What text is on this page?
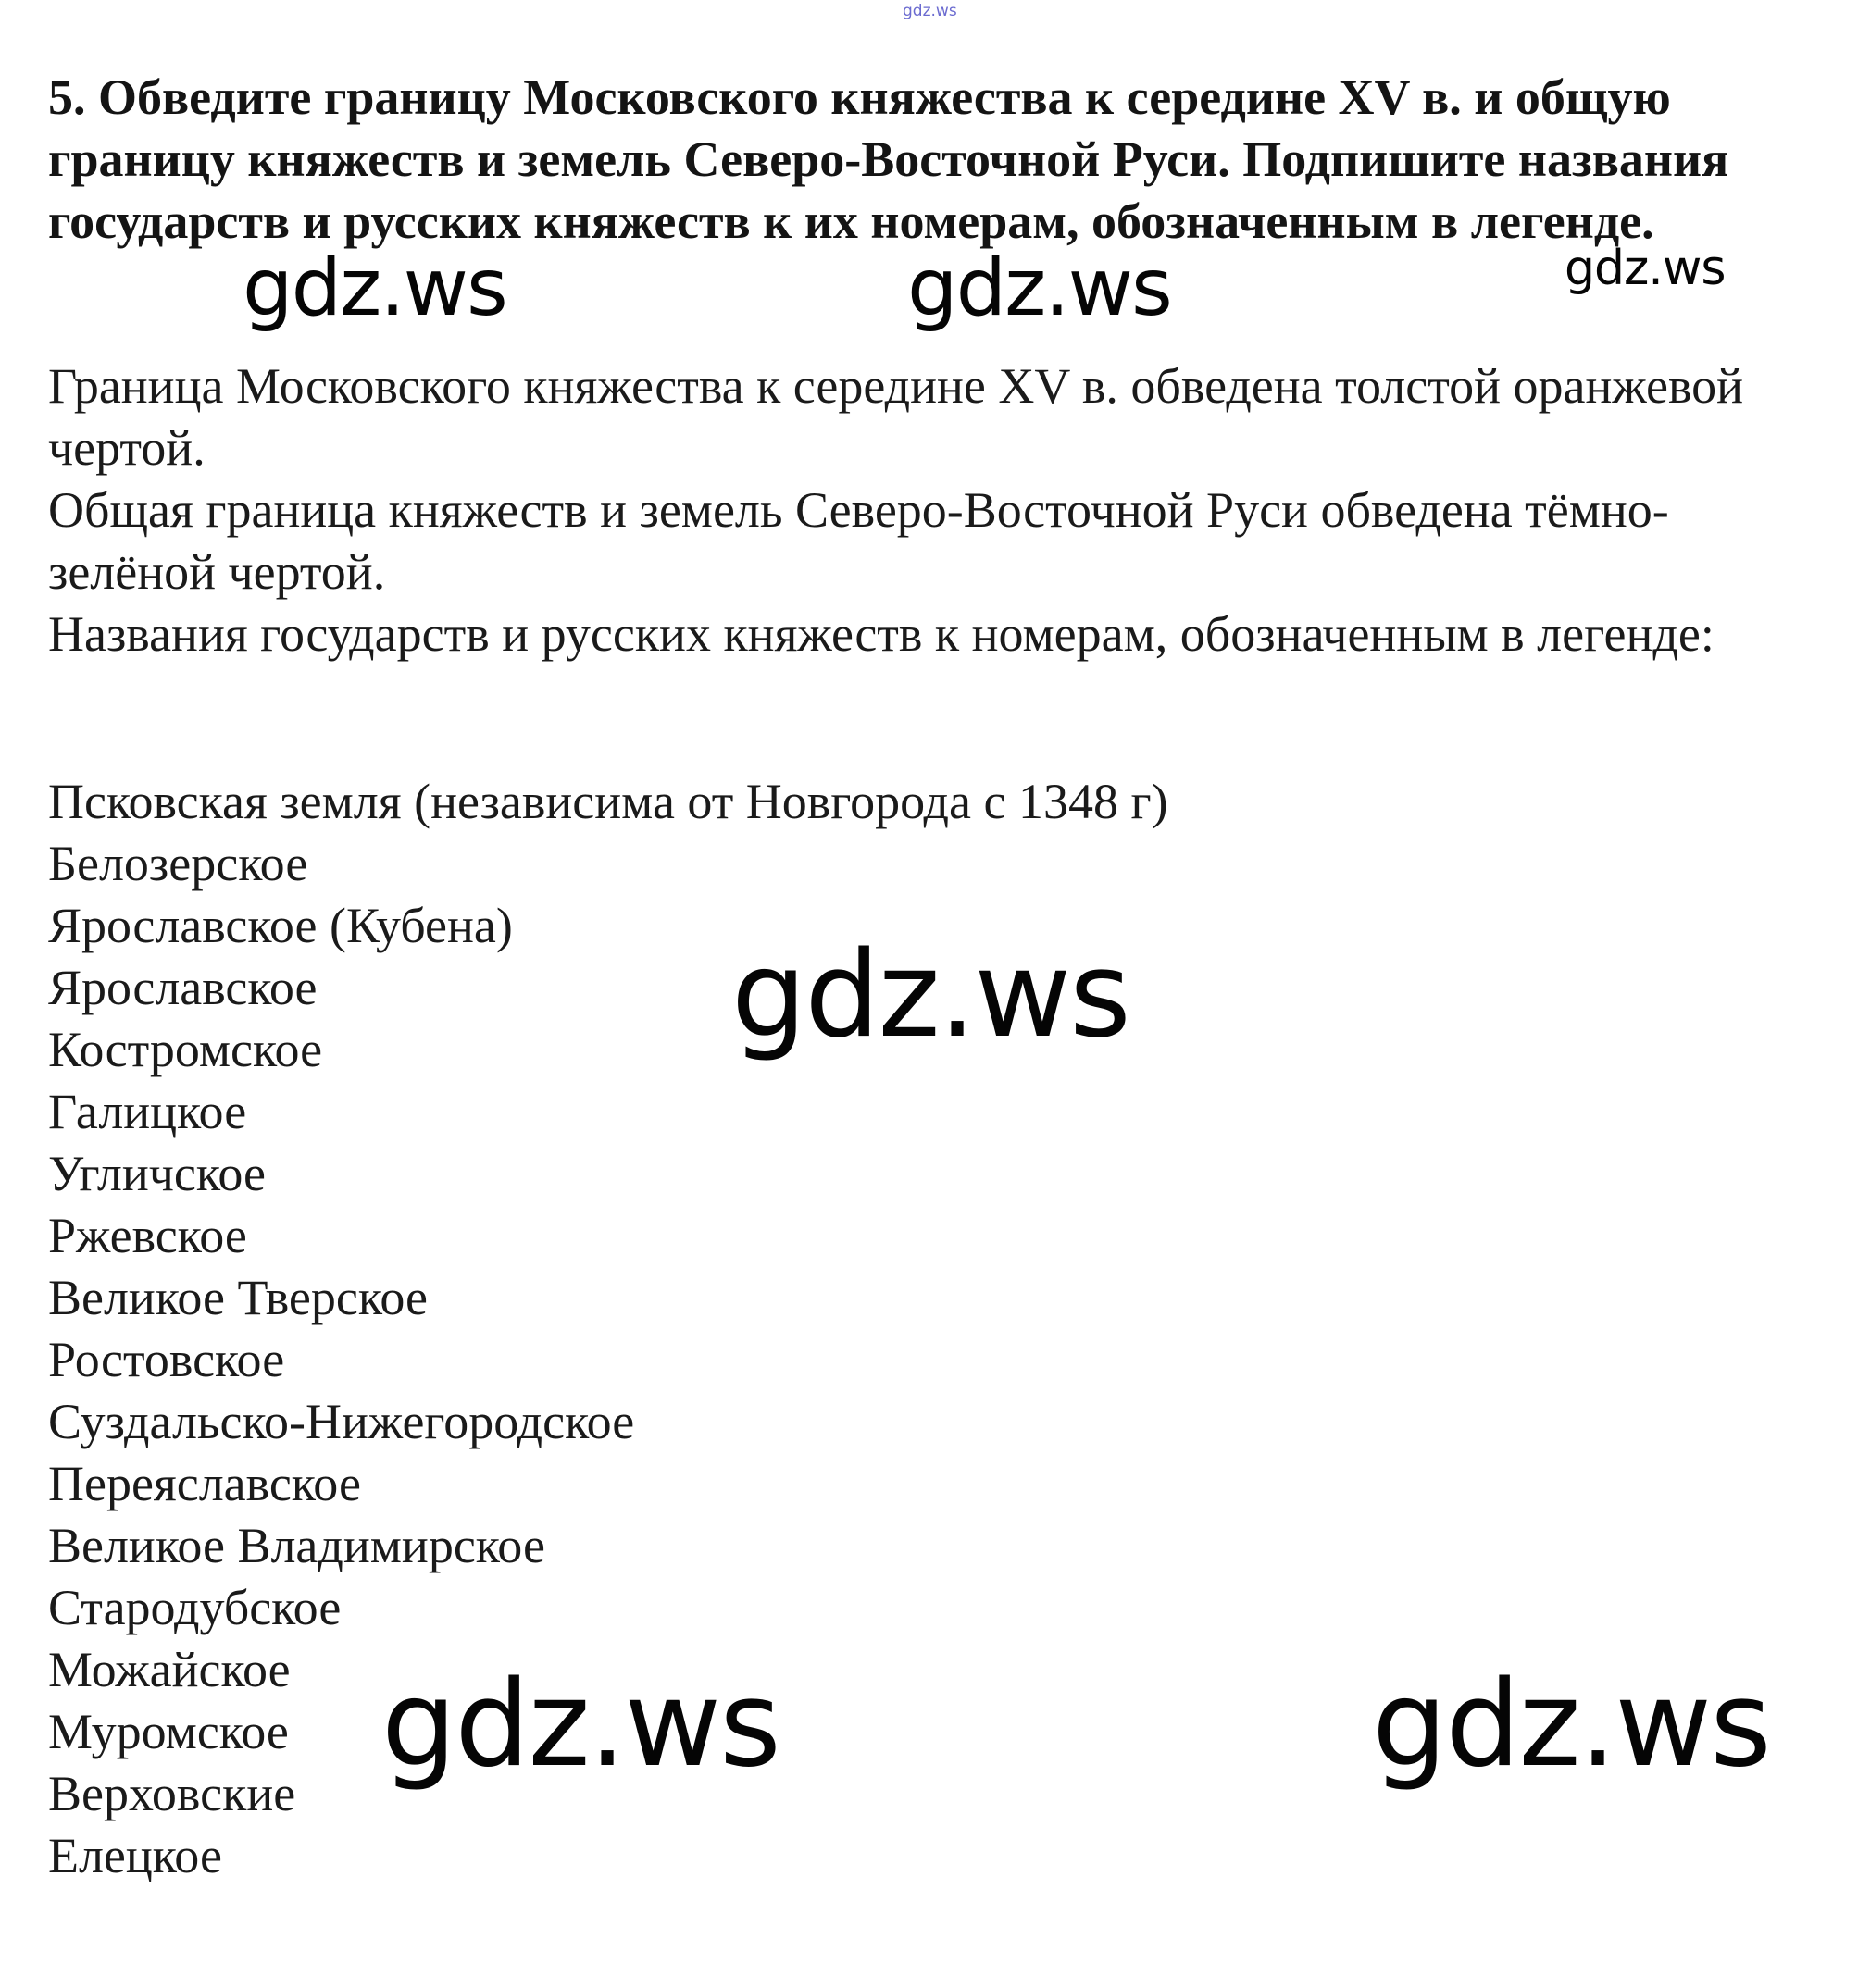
gdz.ws

5. Обведите границу Московского княжества к середине XV в. и общую границу княжеств и земель Северо-Восточной Руси. Подпишите названия государств и русских княжеств к их номерам, обозначенным в легенде.

Граница Московского княжества к середине XV в. обведена толстой оранжевой чертой.

Общая граница княжеств и земель Северо-Восточной Руси обведена тёмно-зелёной чертой.

Названия государств и русских княжеств к номерам, обозначенным в легенде:

Псковская земля (независима от Новгорода с 1348 г)
Белозерское
Ярославское (Кубена)
Ярославское
Костромское
Галицкое
Угличское
Ржевское
Великое Тверское
Ростовское
Суздальско-Нижегородское
Переяславское
Великое Владимирское
Стародубское
Можайское
Муромское
Верховские
Елецкое
gdz.ws	gdz.ws	gdz.ws
gdz.ws
gdz.ws	gdz.ws
